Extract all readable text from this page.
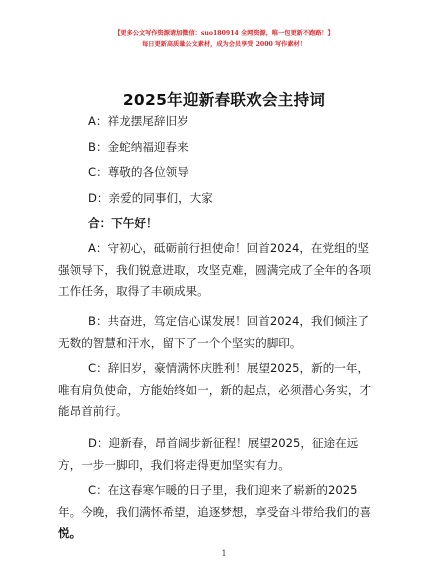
【更多公文写作资源请加微信：suo180914 全网资源，唯一包更新不跑路！】
每日更新高质量公文素材，成为会员享受 2000 写作素材！
2025年迎新春联欢会主持词
A：祥龙摆尾辞旧岁
B：金蛇纳福迎春来
C：尊敬的各位领导
D：亲爱的同事们，大家
合：下午好！
A：守初心，砥砺前行担使命！回首2024，在党组的坚
强领导下，我们锐意进取，攻坚克难，圆满完成了全年的各项
工作任务，取得了丰硕成果。
B：共奋进，笃定信心谋发展！回首2024，我们倾注了
无数的智慧和汗水，留下了一个个坚实的脚印。
C：辞旧岁，豪情满怀庆胜利！展望2025，新的一年，
唯有肩负使命，方能始终如一，新的起点，必须潜心务实，才
能昂首前行。
D：迎新春，昂首阔步新征程！展望2025，征途在远
方，一步一脚印，我们将走得更加坚实有力。
C：在这春寒乍暖的日子里，我们迎来了崭新的2025
年。今晚，我们满怀希望，追逐梦想，享受奋斗带给我们的喜
悦。
1
